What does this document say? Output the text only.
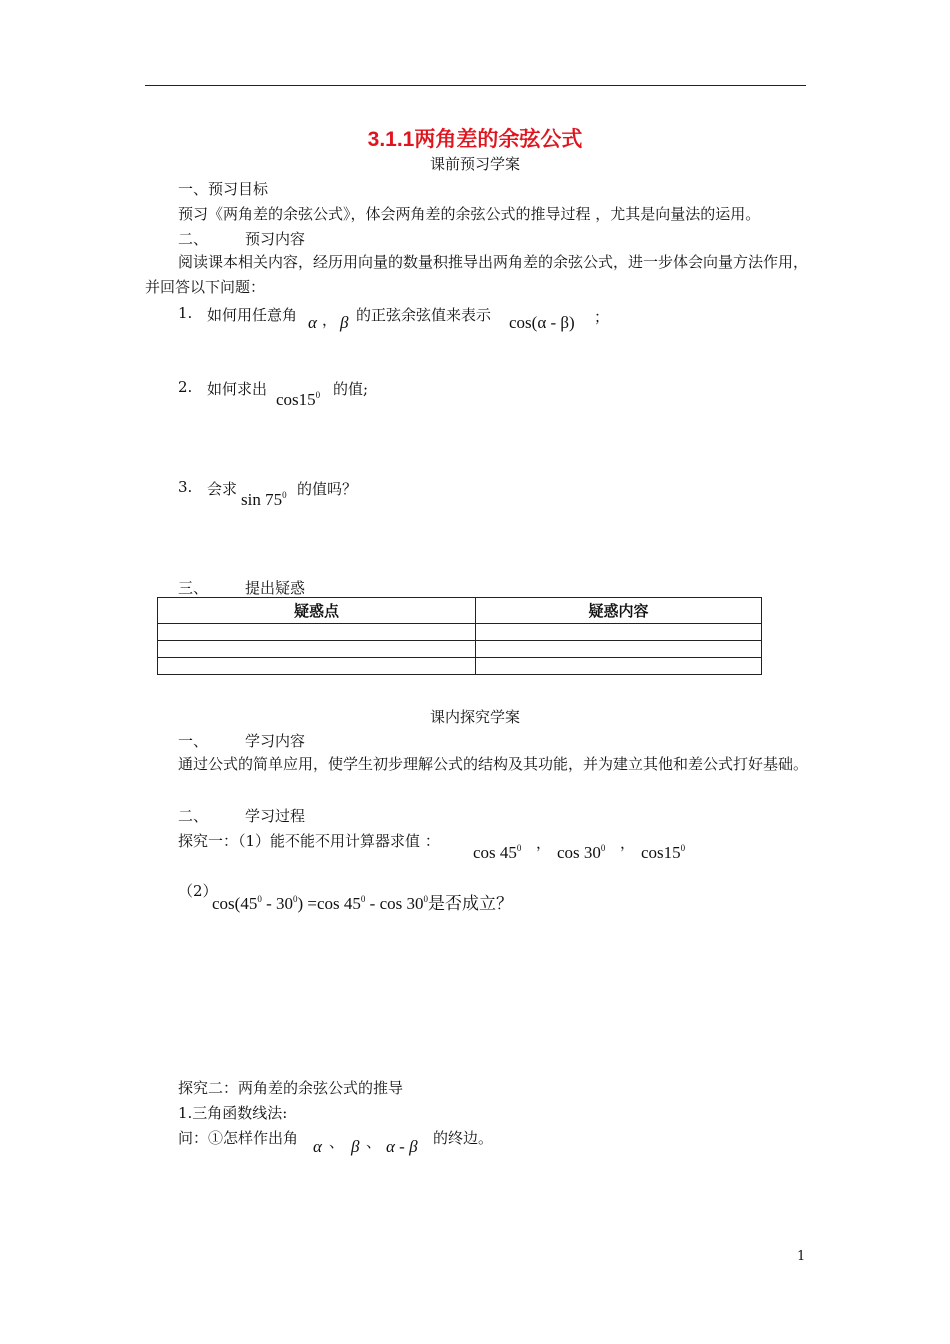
3.1.1两角差的余弦公式
课前预习学案
一、预习目标
预习《两角差的余弦公式》，体会两角差的余弦公式的推导过程 ，尤其是向量法的运用。
二、 预习内容
阅读课本相关内容，经历用向量的数量积推导出两角差的余弦公式，进一步体会向量方法作用，并回答以下问题：
1. 如何用任意角 α ， β 的正弦余弦值来表示 cos(α - β) ；
2. 如何求出
$\cos 15^0$ 的值;
3. 会求
$\sin 75^0$ 的值吗？
三、 提出疑惑
疑惑点	疑惑内容

课内探究学案
一、 学习内容
通过公式的简单应用，使学生初步理解公式的结构及其功能，并为建立其他和差公式打好基础。
二、 学习过程
探究一：（1）能不能不用计算器求值 ：
$\cos 45^0$ ， $\cos 30^0$ ， $\cos 15^0$
（2）
$\cos(45^0 - 30^0) =\cos$ $45^0$ - $\cos 30^0$是否成立？
探究二：两角差的余弦公式的推导
1.三角函数线法:
问：①怎样作出角 α 、 β 、 α - β 的终边。
1
